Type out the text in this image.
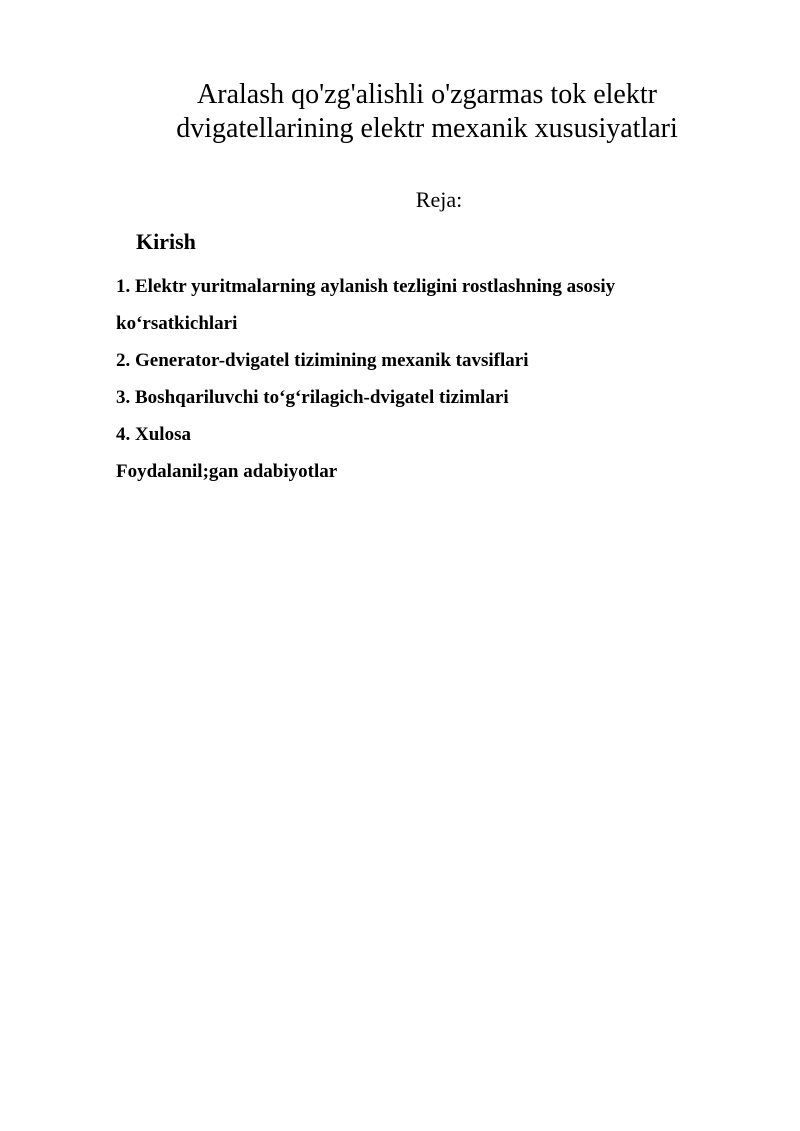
Aralash qo'zg'alishli o'zgarmas tok elektr
dvigatellarining elektr mexanik xususiyatlari

Reja:

Kirish

1. Elektr yuritmalarning aylanish tezligini rostlashning asosiy
ko‘rsatkichlari
2. Generator-dvigatel tizimining mexanik tavsiflari
3. Boshqariluvchi to‘g‘rilagich-dvigatel tizimlari
4. Xulosa
Foydalanil;gan adabiyotlar
